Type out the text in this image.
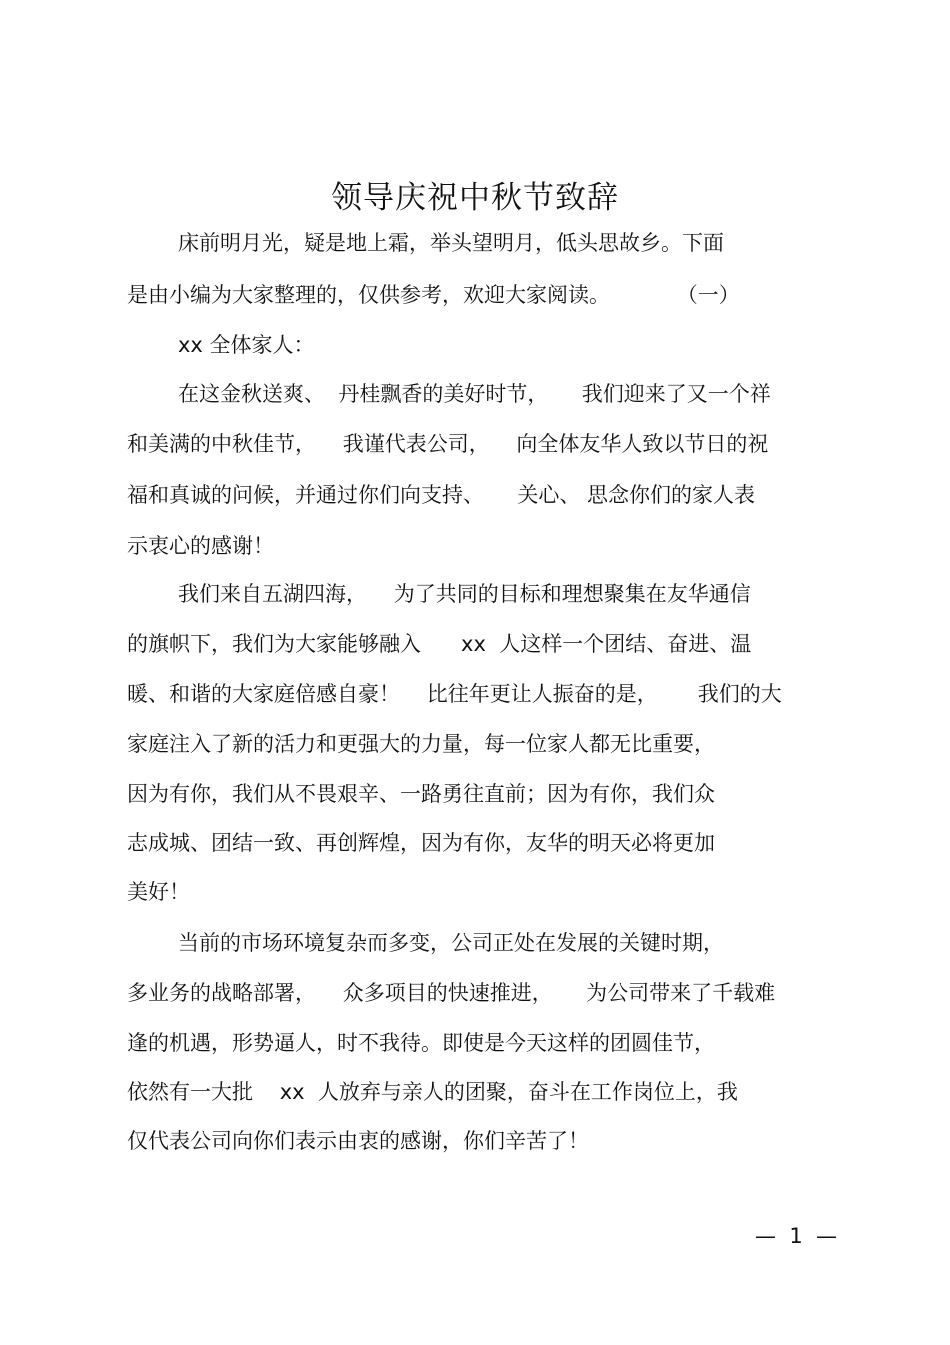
领导庆祝中秋节致辞

床前明月光，疑是地上霜，举头望明月，低头思故乡。下面

是由小编为大家整理的，仅供参考，欢迎大家阅读。          （一）

xx 全体家人：

在这金秋送爽、  丹桂飘香的美好时节，     我们迎来了又一个祥

和美满的中秋佳节，    我谨代表公司，    向全体友华人致以节日的祝

福和真诚的问候，并通过你们向支持、     关心、 思念你们的家人表

示衷心的感谢！

我们来自五湖四海，    为了共同的目标和理想聚集在友华通信

的旗帜下，我们为大家能够融入      xx  人这样一个团结、奋进、温

暖、和谐的大家庭倍感自豪！    比往年更让人振奋的是，      我们的大

家庭注入了新的活力和更强大的力量，每一位家人都无比重要，

因为有你，我们从不畏艰辛、一路勇往直前；因为有你，我们众

志成城、团结一致、再创辉煌，因为有你，友华的明天必将更加

美好！

当前的市场环境复杂而多变，公司正处在发展的关键时期，

多业务的战略部署，    众多项目的快速推进，     为公司带来了千载难

逢的机遇，形势逼人，时不我待。即使是今天这样的团圆佳节，

依然有一大批    xx  人放弃与亲人的团聚，奋斗在工作岗位上，我

仅代表公司向你们表示由衷的感谢，你们辛苦了！

—  1  —
